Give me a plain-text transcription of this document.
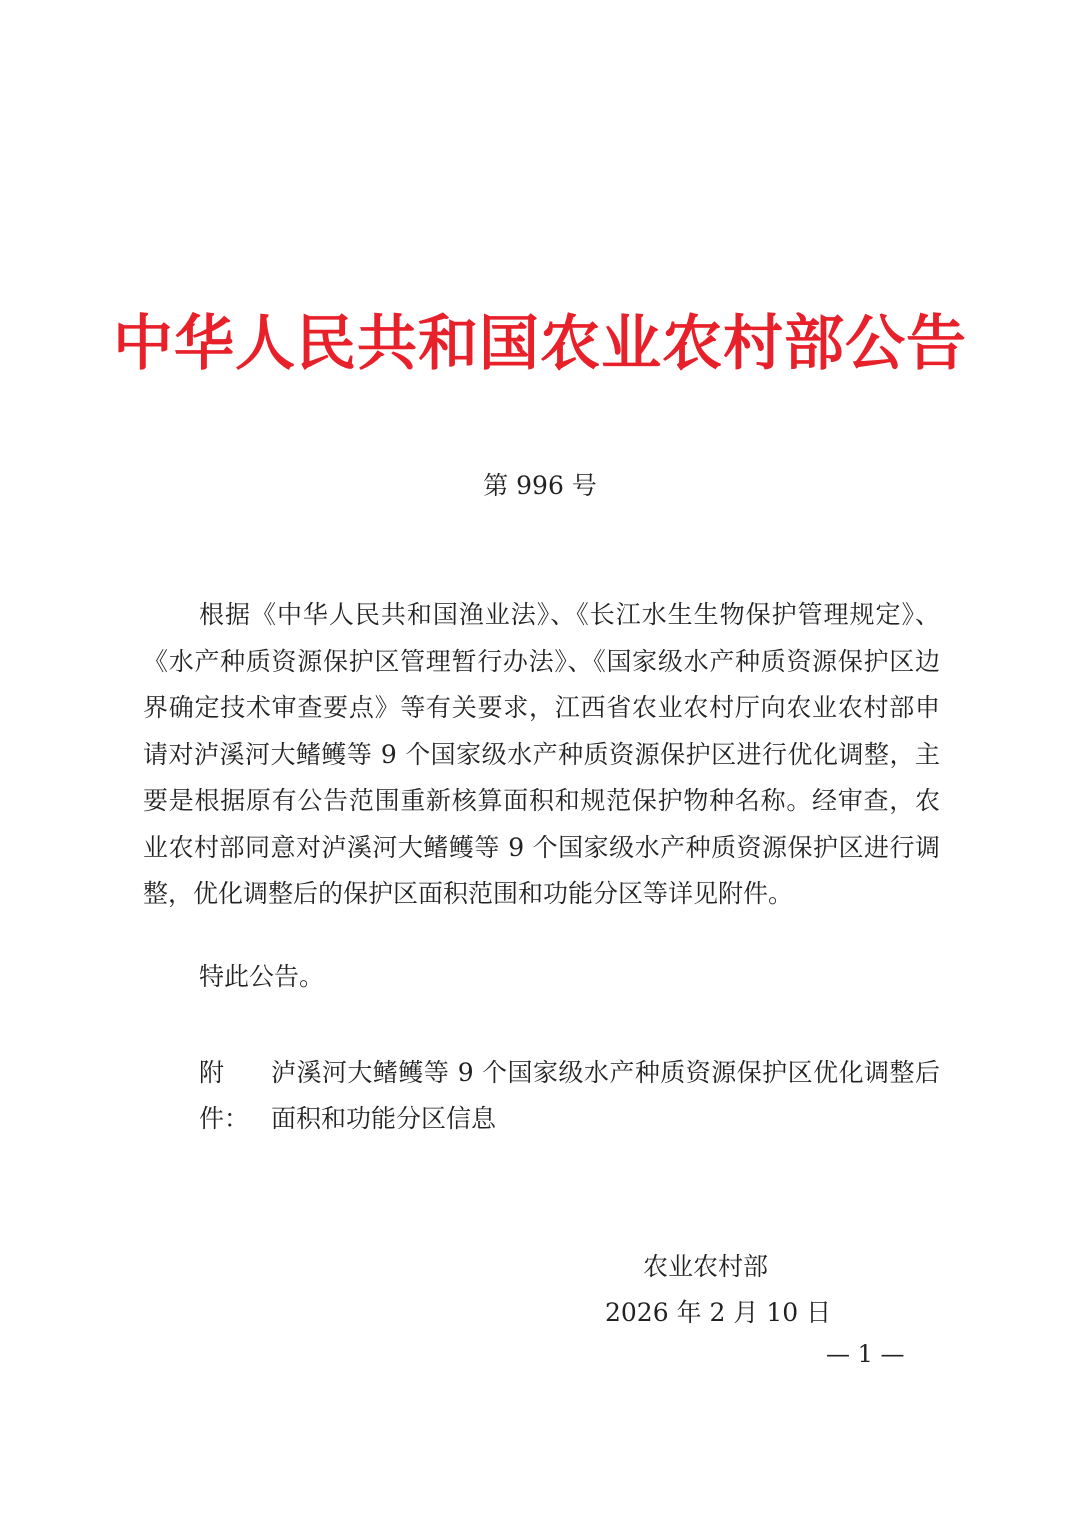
中华人民共和国农业农村部公告
第 996 号
根据《中华人民共和国渔业法》、《长江水生生物保护管理规定》、《水产种质资源保护区管理暂行办法》、《国家级水产种质资源保护区边界确定技术审查要点》等有关要求，江西省农业农村厅向农业农村部申请对泸溪河大鳍鳠等 9 个国家级水产种质资源保护区进行优化调整，主要是根据原有公告范围重新核算面积和规范保护物种名称。经审查，农业农村部同意对泸溪河大鳍鳠等 9 个国家级水产种质资源保护区进行调整，优化调整后的保护区面积范围和功能分区等详见附件。
特此公告。
附件：
泸溪河大鳍鳠等 9 个国家级水产种质资源保护区优化调整后面积和功能分区信息
农业农村部
2026 年 2 月 10 日
— 1 —
